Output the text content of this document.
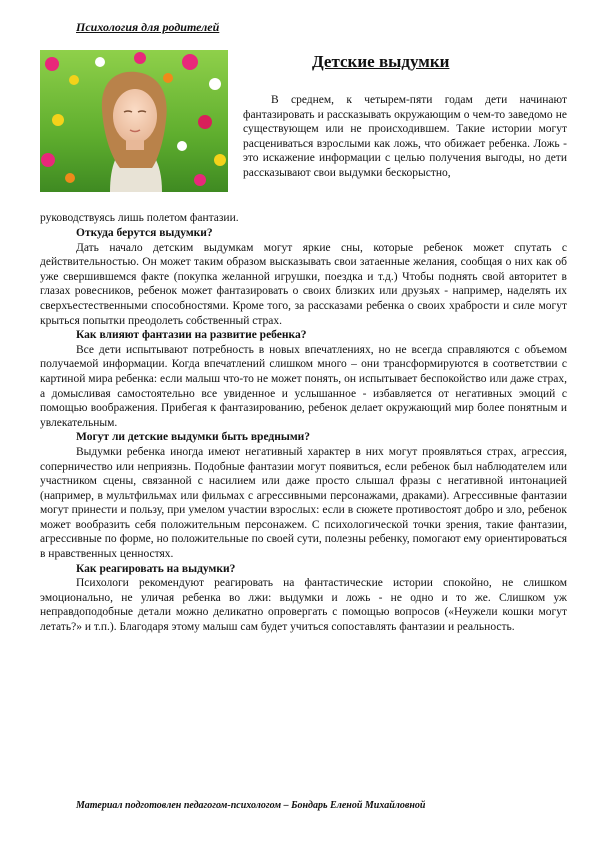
Психология для родителей
Детские выдумки
В среднем, к четырем-пяти годам дети начинают фантазировать и рассказывать окружающим о чем-то заведомо не существующем или не происходившем. Такие истории могут расцениваться взрослыми как ложь, что обижает ребенка. Ложь - это искажение информации с целью получения выгоды, но дети рассказывают свои выдумки бескорыстно,
руководствуясь лишь полетом фантазии.
Откуда берутся выдумки?

Дать начало детским выдумкам могут яркие сны, которые ребенок может спутать с действительностью. Он может таким образом высказывать свои затаенные желания, сообщая о них как об уже свершившемся факте (покупка желанной игрушки, поездка и т.д.) Чтобы поднять свой авторитет в глазах ровесников, ребенок может фантазировать о своих близких или друзьях - например, наделять их сверхъестественными способностями. Кроме того, за рассказами ребенка о своих храбрости и силе могут крыться попытки преодолеть собственный страх.

Как влияют фантазии на развитие ребенка?

Все дети испытывают потребность в новых впечатлениях, но не всегда справляются с объемом получаемой информации. Когда впечатлений слишком много – они трансформируются в соответствии с картиной мира ребенка: если малыш что-то не может понять, он испытывает беспокойство или даже страх, а домысливая самостоятельно все увиденное и услышанное - избавляется от негативных эмоций с помощью воображения. Прибегая к фантазированию, ребенок делает окружающий мир более понятным и увлекательным.

Могут ли детские выдумки быть вредными?

Выдумки ребенка иногда имеют негативный характер в них могут проявляться страх, агрессия, соперничество или неприязнь. Подобные фантазии могут появиться, если ребенок был наблюдателем или участником сцены, связанной с насилием или даже просто слышал фразы с негативной интонацией (например, в мультфильмах или фильмах с агрессивными персонажами, драками). Агрессивные фантазии могут принести и пользу, при умелом участии взрослых: если в сюжете противостоят добро и зло, ребенок может вообразить себя положительным персонажем. С психологической точки зрения, такие фантазии, агрессивные по форме, но положительные по своей сути, полезны ребенку, помогают ему ориентироваться в нравственных ценностях.

Как реагировать на выдумки?

Психологи рекомендуют реагировать на фантастические истории спокойно, не слишком эмоционально, не уличая ребенка во лжи: выдумки и ложь - не одно и то же. Слишком уж неправдоподобные детали можно деликатно опровергать с помощью вопросов («Неужели кошки могут летать?» и т.п.). Благодаря этому малыш сам будет учиться сопоставлять фантазии и реальность.

Материал подготовлен педагогом-психологом – Бондарь Еленой Михайловной
